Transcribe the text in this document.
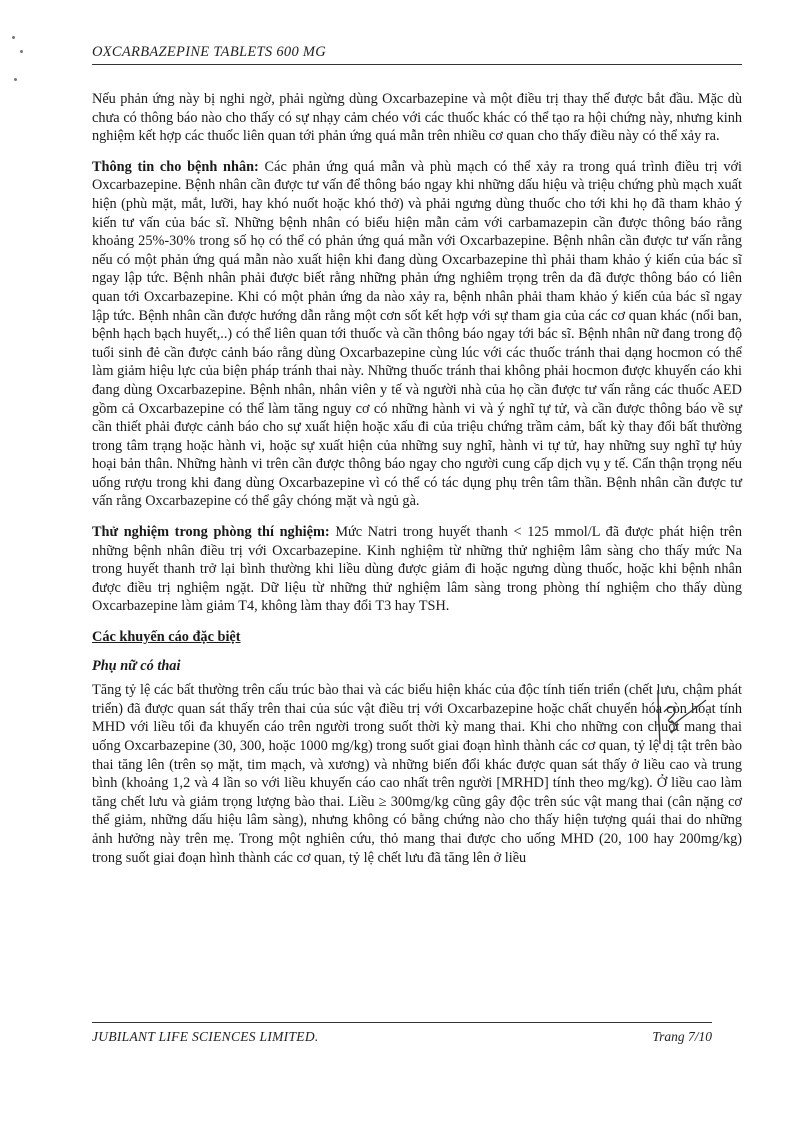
OXCARBAZEPINE TABLETS 600 MG

Nếu phản ứng này bị nghi ngờ, phải ngừng dùng Oxcarbazepine và một điều trị thay thế được bắt đầu. Mặc dù chưa có thông báo nào cho thấy có sự nhạy cảm chéo với các thuốc khác có thể tạo ra hội chứng này, nhưng kinh nghiệm kết hợp các thuốc liên quan tới phản ứng quá mẫn trên nhiều cơ quan cho thấy điều này có thể xảy ra.

Thông tin cho bệnh nhân: Các phản ứng quá mẫn và phù mạch có thể xảy ra trong quá trình điều trị với Oxcarbazepine. Bệnh nhân cần được tư vấn để thông báo ngay khi những dấu hiệu và triệu chứng phù mạch xuất hiện (phù mặt, mắt, lưỡi, hay khó nuốt hoặc khó thở) và phải ngưng dùng thuốc cho tới khi họ đã tham khảo ý kiến tư vấn của bác sĩ. Những bệnh nhân có biểu hiện mẫn cảm với carbamazepin cần được thông báo rằng khoảng 25%-30% trong số họ có thể có phản ứng quá mẫn với Oxcarbazepine. Bệnh nhân cần được tư vấn rằng nếu có một phản ứng quá mẫn nào xuất hiện khi đang dùng Oxcarbazepine thì phải tham khảo ý kiến của bác sĩ ngay lập tức. Bệnh nhân phải được biết rằng những phản ứng nghiêm trọng trên da đã được thông báo có liên quan tới Oxcarbazepine. Khi có một phản ứng da nào xảy ra, bệnh nhân phải tham khảo ý kiến của bác sĩ ngay lập tức. Bệnh nhân cần được hướng dẫn rằng một cơn sốt kết hợp với sự tham gia của các cơ quan khác (nổi ban, bệnh hạch bạch huyết,..) có thể liên quan tới thuốc và cần thông báo ngay tới bác sĩ. Bệnh nhân nữ đang trong độ tuổi sinh đẻ cần được cảnh báo rằng dùng Oxcarbazepine cùng lúc với các thuốc tránh thai dạng hocmon có thể làm giảm hiệu lực của biện pháp tránh thai này. Những thuốc tránh thai không phải hocmon được khuyến cáo khi đang dùng Oxcarbazepine. Bệnh nhân, nhân viên y tế và người nhà của họ cần được tư vấn rằng các thuốc AED gồm cả Oxcarbazepine có thể làm tăng nguy cơ có những hành vi và ý nghĩ tự tử, và cần được thông báo về sự cần thiết phải được cảnh báo cho sự xuất hiện hoặc xấu đi của triệu chứng trầm cảm, bất kỳ thay đổi bất thường trong tâm trạng hoặc hành vi, hoặc sự xuất hiện của những suy nghĩ, hành vi tự tử, hay những suy nghĩ tự hủy hoại bản thân. Những hành vi trên cần được thông báo ngay cho người cung cấp dịch vụ y tế. Cẩn thận trọng nếu uống rượu trong khi đang dùng Oxcarbazepine vì có thể có tác dụng phụ trên tâm thần. Bệnh nhân cần được tư vấn rằng Oxcarbazepine có thể gây chóng mặt và ngủ gà.

Thử nghiệm trong phòng thí nghiệm: Mức Natri trong huyết thanh < 125 mmol/L đã được phát hiện trên những bệnh nhân điều trị với Oxcarbazepine. Kinh nghiệm từ những thử nghiệm lâm sàng cho thấy mức Na trong huyết thanh trở lại bình thường khi liều dùng được giảm đi hoặc ngưng dùng thuốc, hoặc khi bệnh nhân được điều trị nghiệm ngặt. Dữ liệu từ những thử nghiệm lâm sàng trong phòng thí nghiệm cho thấy dùng Oxcarbazepine làm giảm T4, không làm thay đổi T3 hay TSH.

Các khuyến cáo đặc biệt
Phụ nữ có thai

Tăng tỷ lệ các bất thường trên cấu trúc bào thai và các biểu hiện khác của độc tính tiến triển (chết lưu, chậm phát triển) đã được quan sát thấy trên thai của súc vật điều trị với Oxcarbazepine hoặc chất chuyển hóa còn hoạt tính MHD với liều tối đa khuyến cáo trên người trong suốt thời kỳ mang thai. Khi cho những con chuột mang thai uống Oxcarbazepine (30, 300, hoặc 1000 mg/kg) trong suốt giai đoạn hình thành các cơ quan, tỷ lệ dị tật trên bào thai tăng lên (trên sọ mặt, tim mạch, và xương) và những biến đổi khác được quan sát thấy ở liều cao và trung bình (khoảng 1,2 và 4 lần so với liều khuyến cáo cao nhất trên người [MRHD] tính theo mg/kg). Ở liều cao làm tăng chết lưu và giảm trọng lượng bào thai. Liều ≥ 300mg/kg cũng gây độc trên súc vật mang thai (cân nặng cơ thể giảm, những dấu hiệu lâm sàng), nhưng không có bằng chứng nào cho thấy hiện tượng quái thai do những ảnh hưởng này trên mẹ. Trong một nghiên cứu, thỏ mang thai được cho uống MHD (20, 100 hay 200mg/kg) trong suốt giai đoạn hình thành các cơ quan, tỷ lệ chết lưu đã tăng lên ở liều

JUBILANT LIFE SCIENCES LIMITED.	Trang 7/10
